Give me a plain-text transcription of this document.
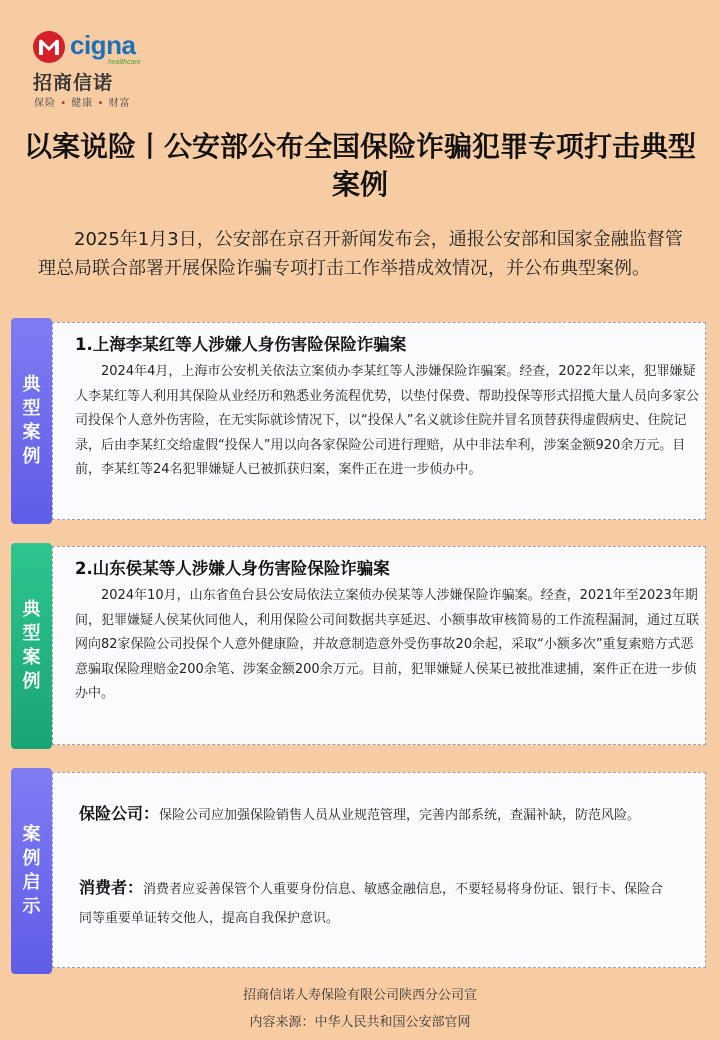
cigna
healthcare
招商信诺
保险 • 健康 • 财富
以案说险丨公安部公布全国保险诈骗犯罪专项打击典型案例
2025年1月3日，公安部在京召开新闻发布会，通报公安部和国家金融监督管理总局联合部署开展保险诈骗专项打击工作举措成效情况，并公布典型案例。
典型案例
1.上海李某红等人涉嫌人身伤害险保险诈骗案
2024年4月，上海市公安机关依法立案侦办李某红等人涉嫌保险诈骗案。经查，2022年以来，犯罪嫌疑人李某红等人利用其保险从业经历和熟悉业务流程优势，以垫付保费、帮助投保等形式招揽大量人员向多家公司投保个人意外伤害险，在无实际就诊情况下，以“投保人”名义就诊住院并冒名顶替获得虚假病史、住院记录，后由李某红交给虚假“投保人”用以向各家保险公司进行理赔，从中非法牟利，涉案金额920余万元。目前，李某红等24名犯罪嫌疑人已被抓获归案，案件正在进一步侦办中。
典型案例
2.山东侯某等人涉嫌人身伤害险保险诈骗案
2024年10月，山东省鱼台县公安局依法立案侦办侯某等人涉嫌保险诈骗案。经查，2021年至2023年期间，犯罪嫌疑人侯某伙同他人，利用保险公司间数据共享延迟、小额事故审核简易的工作流程漏洞，通过互联网向82家保险公司投保个人意外健康险，并故意制造意外受伤事故20余起，采取“小额多次”重复索赔方式恶意骗取保险理赔金200余笔、涉案金额200余万元。目前，犯罪嫌疑人侯某已被批准逮捕，案件正在进一步侦办中。
案例启示
保险公司：保险公司应加强保险销售人员从业规范管理，完善内部系统，查漏补缺，防范风险。
消费者：消费者应妥善保管个人重要身份信息、敏感金融信息，不要轻易将身份证、银行卡、保险合同等重要单证转交他人，提高自我保护意识。
招商信诺人寿保险有限公司陕西分公司宣
内容来源：中华人民共和国公安部官网
